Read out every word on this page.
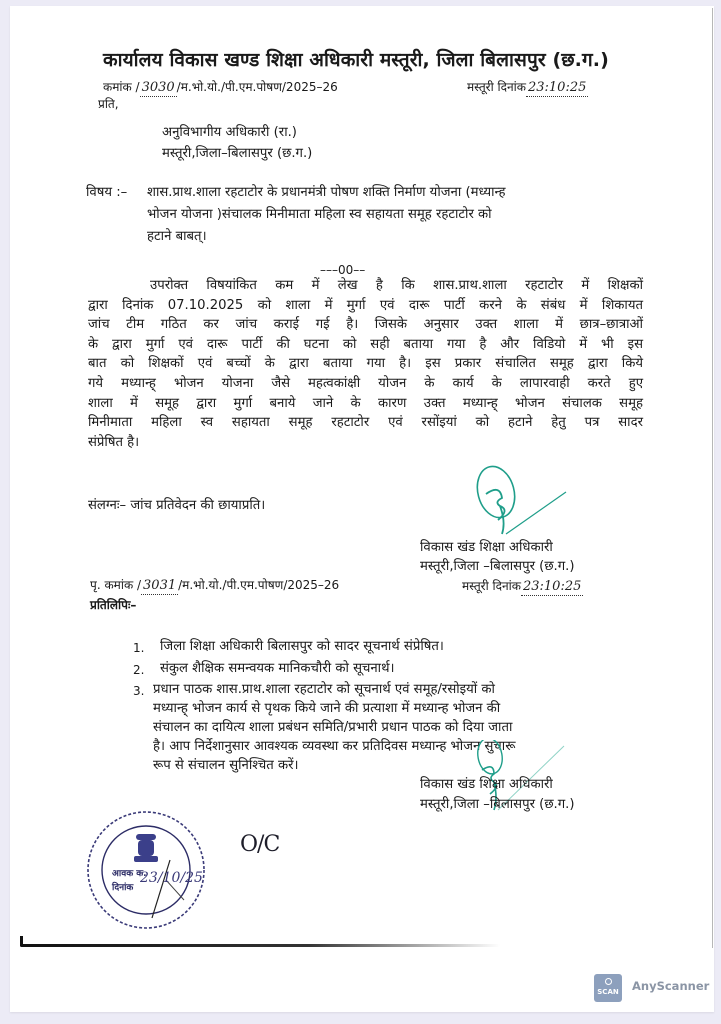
कार्यालय विकास खण्ड शिक्षा अधिकारी मस्तूरी, जिला बिलासपुर (छ.ग.)
कमांक / 3030 /म.भो.यो./पी.एम.पोषण/2025–26	मस्तूरी दिनांक 23:10:25
प्रति,
अनुविभागीय अधिकारी (रा.)
मस्तूरी,जिला–बिलासपुर (छ.ग.)
विषय :– शास.प्राथ.शाला रहटाटोर के प्रधानमंत्री पोषण शक्ति निर्माण योजना (मध्यान्ह
भोजन योजना )संचालक मिनीमाता महिला स्व सहायता समूह रहटाटोर को
हटाने बाबत्।
–––00––
उपरोक्त विषयांकित कम में लेख है कि शास.प्राथ.शाला रहटाटोर में शिक्षकों
द्वारा दिनांक 07.10.2025 को शाला में मुर्गा एवं दारू पार्टी करने के संबंध में शिकायत
जांच टीम गठित कर जांच कराई गई है। जिसके अनुसार उक्त शाला में छात्र–छात्राओं
के द्वारा मुर्गा एवं दारू पार्टी की घटना को सही बताया गया है और विडियो में भी इस
बात को शिक्षकों एवं बच्चों के द्वारा बताया गया है। इस प्रकार संचालित समूह द्वारा किये
गये मध्यान्ह् भोजन योजना जैसे महत्वकांक्षी योजन के कार्य के लापारवाही करते हुए
शाला में समूह द्वारा मुर्गा बनाये जाने के कारण उक्त मध्यान्ह् भोजन संचालक समूह
मिनीमाता महिला स्व सहायता समूह रहटाटोर एवं रसोंइयां को हटाने हेतु पत्र सादर
संप्रेषित है।
संलग्नः– जांच प्रतिवेदन की छायाप्रति।
विकास खंड शिक्षा अधिकारी
मस्तूरी,जिला –बिलासपुर (छ.ग.)
पृ. कमांक / 3031 /म.भो.यो./पी.एम.पोषण/2025–26	मस्तूरी दिनांक 23:10:25
प्रतिलिपिः–
1. जिला शिक्षा अधिकारी बिलासपुर को सादर सूचनार्थ संप्रेषित।
2. संकुल शैक्षिक समन्वयक मानिकचौरी को सूचनार्थ।
3. प्रधान पाठक शास.प्राथ.शाला रहटाटोर को सूचनार्थ एवं समूह/रसोइयों को
मध्यान्ह् भोजन कार्य से पृथक किये जाने की प्रत्याशा में मध्यान्ह भोजन की
संचालन का दायित्य शाला प्रबंधन समिति/प्रभारी प्रधान पाठक को दिया जाता
है। आप निर्देशानुसार आवश्यक व्यवस्था कर प्रतिदिवस मध्यान्ह भोजन सुचारू
रूप से संचालन सुनिश्चित करें।
विकास खंड शिक्षा अधिकारी
मस्तूरी,जिला –बिलासपुर (छ.ग.)
आवक क.
दिनांक
23/10/25
O/C
SCAN AnyScanner
